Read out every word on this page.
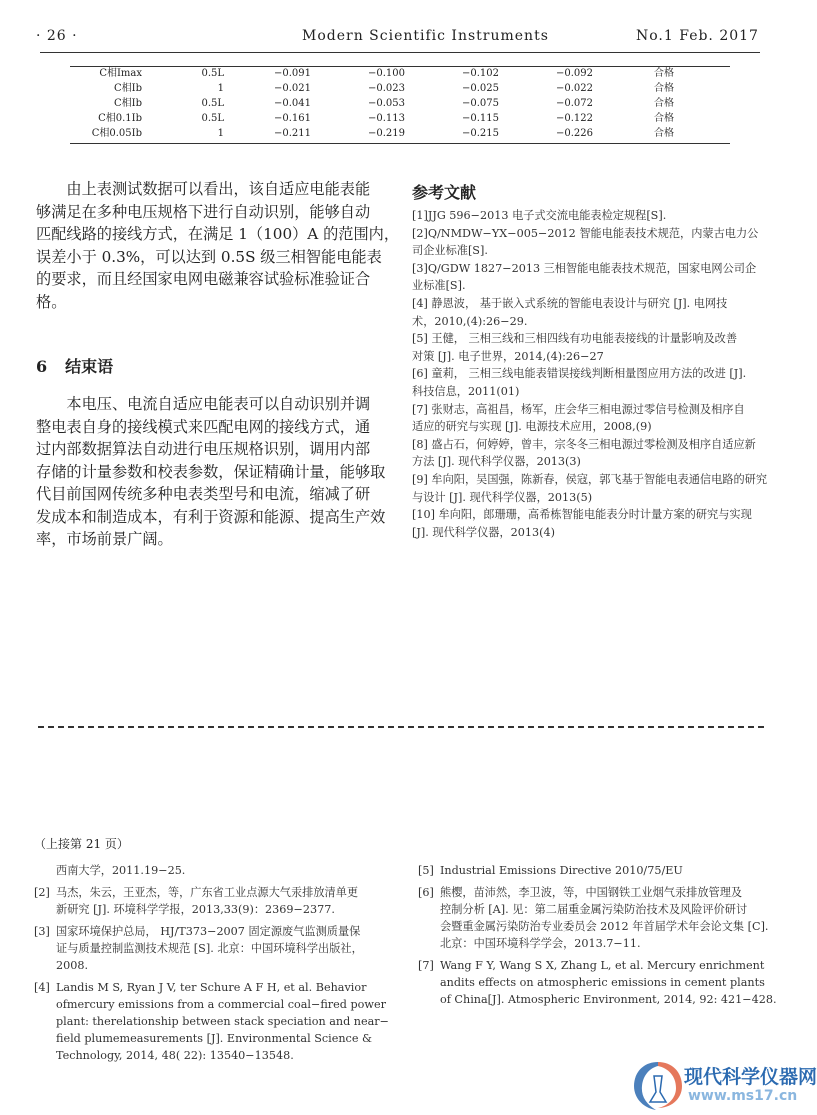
· 26 ·	Modern Scientific Instruments	No.1 Feb. 2017
C相Imax	0.5L	−0.091	−0.100	−0.102	−0.092	合格
C相Ib	1	−0.021	−0.023	−0.025	−0.022	合格
C相Ib	0.5L	−0.041	−0.053	−0.075	−0.072	合格
C相0.1Ib	0.5L	−0.161	−0.113	−0.115	−0.122	合格
C相0.05Ib	1	−0.211	−0.219	−0.215	−0.226	合格
　　由上表测试数据可以看出，该自适应电能表能
够满足在多种电压规格下进行自动识别，能够自动
匹配线路的接线方式，在满足 1（100）A 的范围内，
误差小于 0.3%，可以达到 0.5S 级三相智能电能表
的要求，而且经国家电网电磁兼容试验标准验证合
格。
6 结束语
　　本电压、电流自适应电能表可以自动识别并调
整电表自身的接线模式来匹配电网的接线方式，通
过内部数据算法自动进行电压规格识别，调用内部
存储的计量参数和校表参数，保证精确计量，能够取
代目前国网传统多种电表类型号和电流，缩减了研
发成本和制造成本，有利于资源和能源、提高生产效
率，市场前景广阔。
参考文献
[1]JJG 596−2013 电子式交流电能表检定规程[S].
[2]Q/NMDW−YX−005−2012 智能电能表技术规范，内蒙古电力公
司企业标准[S].
[3]Q/GDW 1827−2013 三相智能电能表技术规范，国家电网公司企
业标准[S].
[4] 静恩波， 基于嵌入式系统的智能电表设计与研究 [J]. 电网技
术，2010,(4):26−29.
[5] 王健， 三相三线和三相四线有功电能表接线的计量影响及改善
对策 [J]. 电子世界，2014,(4):26−27
[6] 童莉， 三相三线电能表错误接线判断相量图应用方法的改进 [J].
科技信息，2011(01)
[7] 张财志，高祖昌，杨军，庄会华三相电源过零信号检测及相序自
适应的研究与实现 [J]. 电源技术应用，2008,(9)
[8] 盛占石，何婷婷，曾丰，宗冬冬三相电源过零检测及相序自适应新
方法 [J]. 现代科学仪器，2013(3)
[9] 牟向阳，吴国强，陈新春，侯寇，郭飞基于智能电表通信电路的研究
与设计 [J]. 现代科学仪器，2013(5)
[10] 牟向阳，郎珊珊，高希栋智能电能表分时计量方案的研究与实现
[J]. 现代科学仪器，2013(4)
（上接第 21 页）
西南大学，2011.19−25.
[2] 马杰，朱云，王亚杰，等，广东省工业点源大气汞排放清单更
新研究 [J]. 环境科学学报，2013,33(9)：2369−2377.
[3] 国家环境保护总局， HJ/T373−2007 固定源废气监测质量保
证与质量控制监测技术规范 [S]. 北京：中国环境科学出版社，
2008.
[4] Landis M S, Ryan J V, ter Schure A F H, et al. Behavior
ofmercury emissions from a commercial coal−fired power
plant: therelationship between stack speciation and near−
field plumemeasurements [J]. Environmental Science &
Technology, 2014, 48( 22): 13540−13548.
[5] Industrial Emissions Directive 2010/75/EU
[6] 熊樱，苗沛然，李卫波，等，中国钢铁工业烟气汞排放管理及
控制分析 [A]. 见：第二届重金属污染防治技术及风险评价研讨
会暨重金属污染防治专业委员会 2012 年首届学术年会论文集 [C].
北京：中国环境科学学会，2013.7−11.
[7] Wang F Y, Wang S X, Zhang L, et al. Mercury enrichment
andits effects on atmospheric emissions in cement plants
of China[J]. Atmospheric Environment, 2014, 92: 421−428.
现代科学仪器网
www.ms17.cn
